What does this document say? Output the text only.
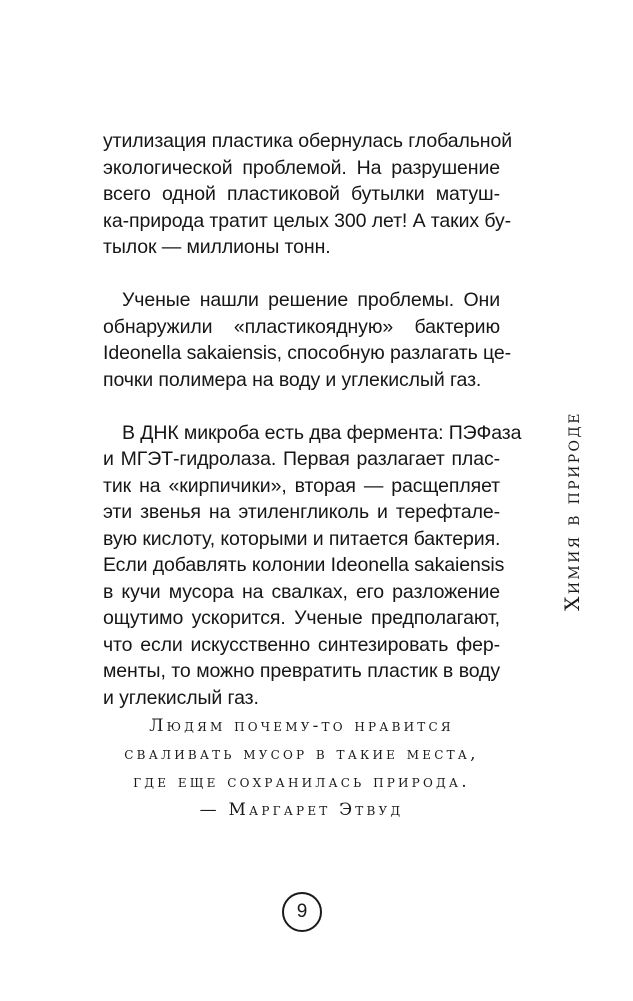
утилизация пластика обернулась глобальной
экологической проблемой. На разрушение
всего одной пластиковой бутылки матуш-
ка-природа тратит целых 300 лет! А таких бу-
тылок — миллионы тонн.
Ученые нашли решение проблемы. Они
обнаружили «пластикоядную» бактерию
Ideonella sakaiensis, способную разлагать це-
почки полимера на воду и углекислый газ.
В ДНК микроба есть два фермента: ПЭФаза
и МГЭТ-гидролаза. Первая разлагает плас-
тик на «кирпичики», вторая — расщепляет
эти звенья на этиленгликоль и терефтале-
вую кислоту, которыми и питается бактерия.
Если добавлять колонии Ideonella sakaiensis
в кучи мусора на свалках, его разложение
ощутимо ускорится. Ученые предполагают,
что если искусственно синтезировать фер-
менты, то можно превратить пластик в воду
и углекислый газ.
Людям почему-то нравится
сваливать мусор в такие места,
где еще сохранилась природа.
— Маргарет Этвуд
Химия в природе
9
